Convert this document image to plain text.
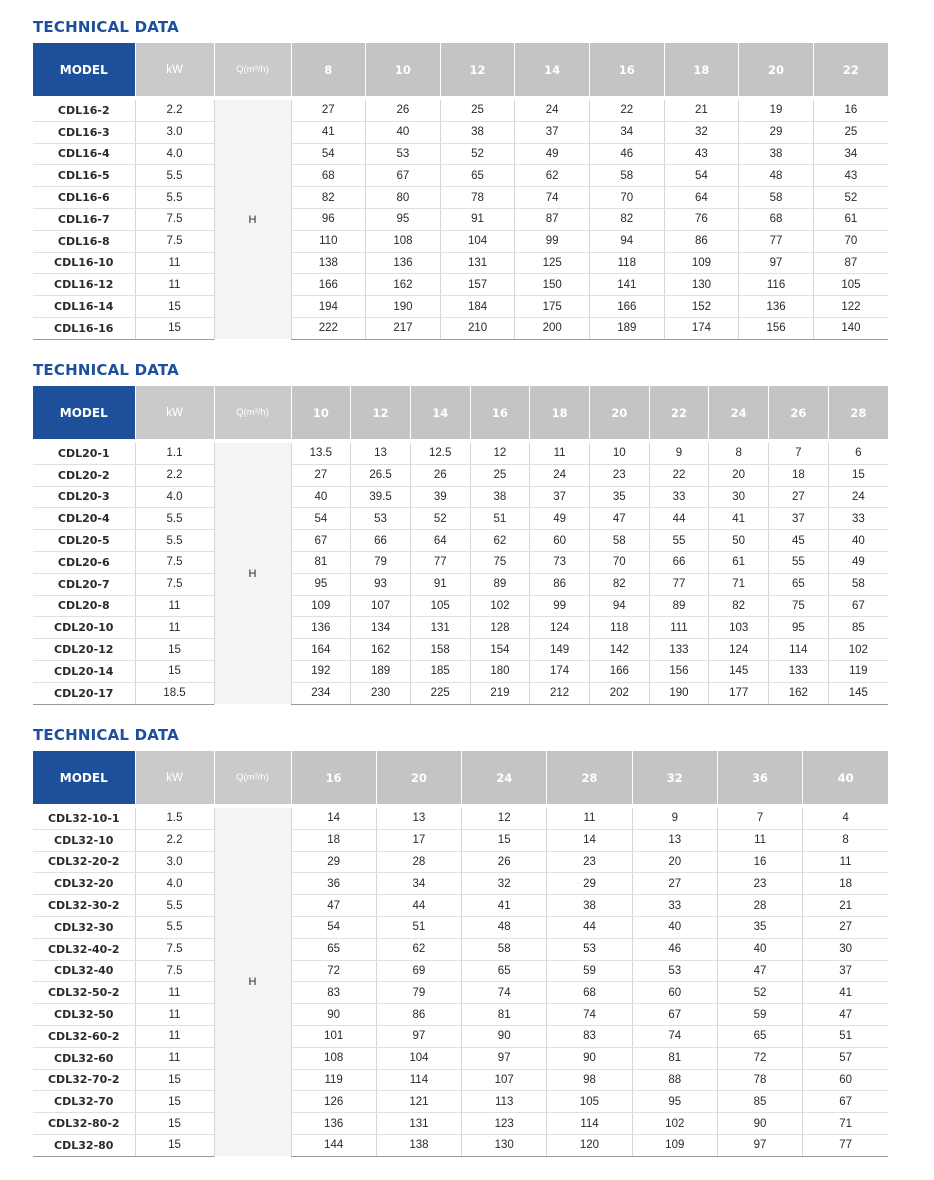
TECHNICAL DATA
MODEL	kW	Q(m³/h)	8	10	12	14	16	18	20	22
CDL16-2	2.2	H	27	26	25	24	22	21	19	16
CDL16-3	3.0		41	40	38	37	34	32	29	25
CDL16-4	4.0		54	53	52	49	46	43	38	34
CDL16-5	5.5		68	67	65	62	58	54	48	43
CDL16-6	5.5		82	80	78	74	70	64	58	52
CDL16-7	7.5		96	95	91	87	82	76	68	61
CDL16-8	7.5		110	108	104	99	94	86	77	70
CDL16-10	11		138	136	131	125	118	109	97	87
CDL16-12	11		166	162	157	150	141	130	116	105
CDL16-14	15		194	190	184	175	166	152	136	122
CDL16-16	15		222	217	210	200	189	174	156	140
TECHNICAL DATA
MODEL	kW	Q(m³/h)	10	12	14	16	18	20	22	24	26	28
CDL20-1	1.1	H	13.5	13	12.5	12	11	10	9	8	7	6
CDL20-2	2.2		27	26.5	26	25	24	23	22	20	18	15
CDL20-3	4.0		40	39.5	39	38	37	35	33	30	27	24
CDL20-4	5.5		54	53	52	51	49	47	44	41	37	33
CDL20-5	5.5		67	66	64	62	60	58	55	50	45	40
CDL20-6	7.5		81	79	77	75	73	70	66	61	55	49
CDL20-7	7.5		95	93	91	89	86	82	77	71	65	58
CDL20-8	11		109	107	105	102	99	94	89	82	75	67
CDL20-10	11		136	134	131	128	124	118	111	103	95	85
CDL20-12	15		164	162	158	154	149	142	133	124	114	102
CDL20-14	15		192	189	185	180	174	166	156	145	133	119
CDL20-17	18.5		234	230	225	219	212	202	190	177	162	145
TECHNICAL DATA
MODEL	kW	Q(m³/h)	16	20	24	28	32	36	40
CDL32-10-1	1.5	H	14	13	12	11	9	7	4
CDL32-10	2.2		18	17	15	14	13	11	8
CDL32-20-2	3.0		29	28	26	23	20	16	11
CDL32-20	4.0		36	34	32	29	27	23	18
CDL32-30-2	5.5		47	44	41	38	33	28	21
CDL32-30	5.5		54	51	48	44	40	35	27
CDL32-40-2	7.5		65	62	58	53	46	40	30
CDL32-40	7.5		72	69	65	59	53	47	37
CDL32-50-2	11		83	79	74	68	60	52	41
CDL32-50	11		90	86	81	74	67	59	47
CDL32-60-2	11		101	97	90	83	74	65	51
CDL32-60	11		108	104	97	90	81	72	57
CDL32-70-2	15		119	114	107	98	88	78	60
CDL32-70	15		126	121	113	105	95	85	67
CDL32-80-2	15		136	131	123	114	102	90	71
CDL32-80	15		144	138	130	120	109	97	77
